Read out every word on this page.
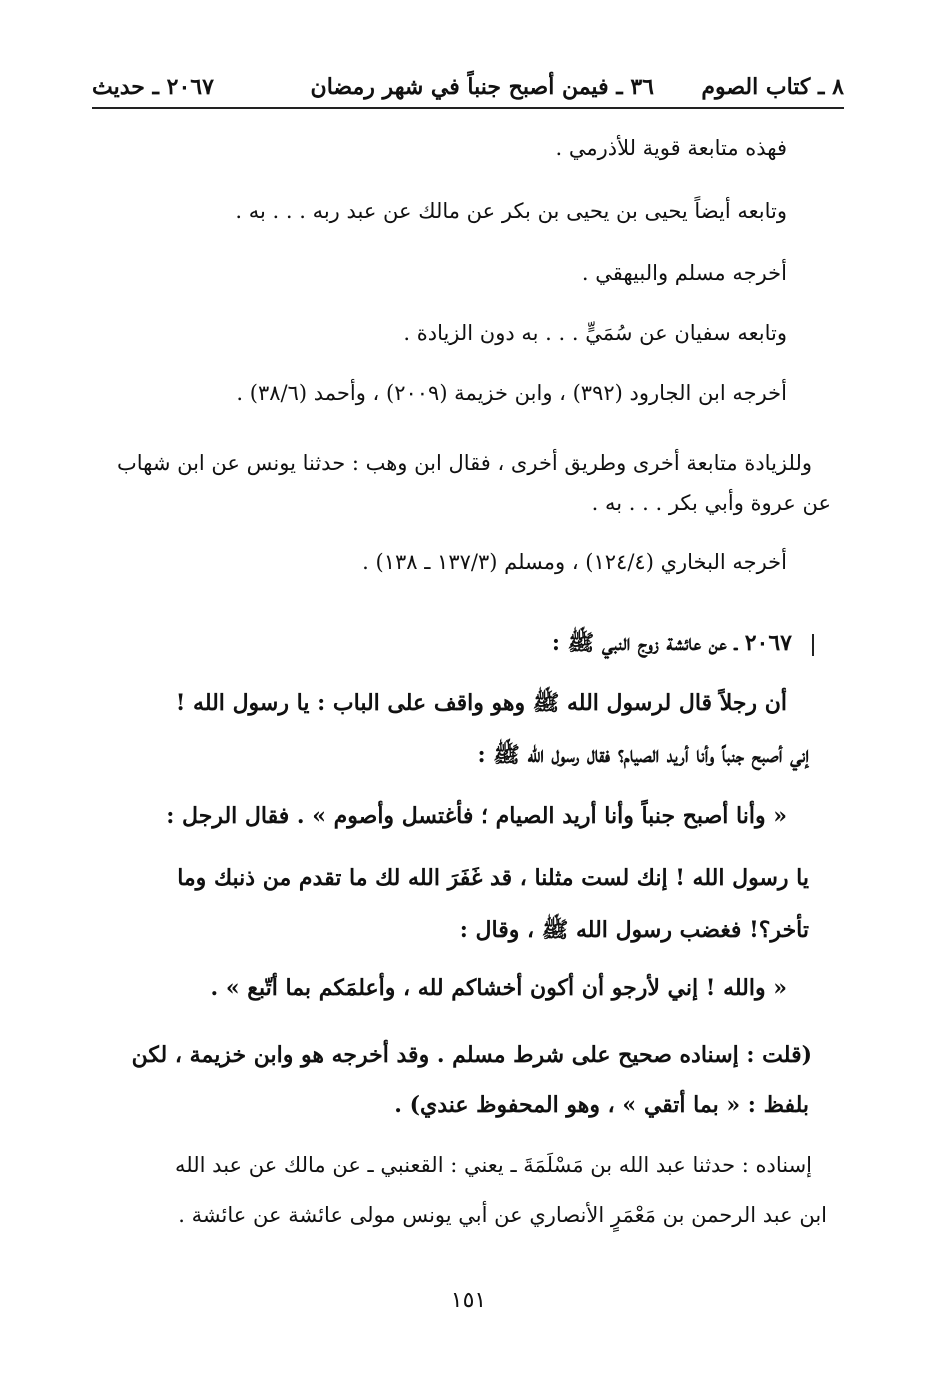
٨ ـ كتاب الصوم
٣٦ ـ فيمن أصبح جنباً في شهر رمضان
٢٠٦٧ ـ حديث
فهذه متابعة قوية للأذرمي .
وتابعه أيضاً يحيى بن يحيى بن بكر عن مالك عن عبد ربه . . . به .
أخرجه مسلم والبيهقي .
وتابعه سفيان عن سُمَيٍّ . . . به دون الزيادة .
أخرجه ابن الجارود (٣٩٢) ، وابن خزيمة (٢٠٠٩) ، وأحمد (٣٨/٦) .
وللزيادة متابعة أخرى وطريق أخرى ، فقال ابن وهب : حدثنا يونس عن ابن شهاب
عن عروة وأبي بكر . . . به .
أخرجه البخاري (١٢٤/٤) ، ومسلم (١٣٧/٣ ـ ١٣٨) .
٢٠٦٧ ـ عن عائشة زوج النبي ﷺ :
أن رجلاً قال لرسول الله ﷺ وهو واقف على الباب : يا رسول الله !
إني أصبح جنباً وأنا أريد الصيام؟ فقال رسول الله ﷺ :
« وأنا أصبح جنباً وأنا أريد الصيام ؛ فأغتسل وأصوم » . فقال الرجل :
يا رسول الله ! إنك لست مثلنا ، قد غَفَرَ الله لك ما تقدم من ذنبك وما
تأخر؟! فغضب رسول الله ﷺ ، وقال :
« والله ! إني لأرجو أن أكون أخشاكم لله ، وأعلمَكم بما أتّبع » .
(قلت : إسناده صحيح على شرط مسلم . وقد أخرجه هو وابن خزيمة ، لكن
بلفظ : « بما أتقي » ، وهو المحفوظ عندي) .
إسناده : حدثنا عبد الله بن مَسْلَمَةَ ـ يعني : القعنبي ـ عن مالك عن عبد الله
ابن عبد الرحمن بن مَعْمَرٍ الأنصاري عن أبي يونس مولى عائشة عن عائشة .
١٥١
